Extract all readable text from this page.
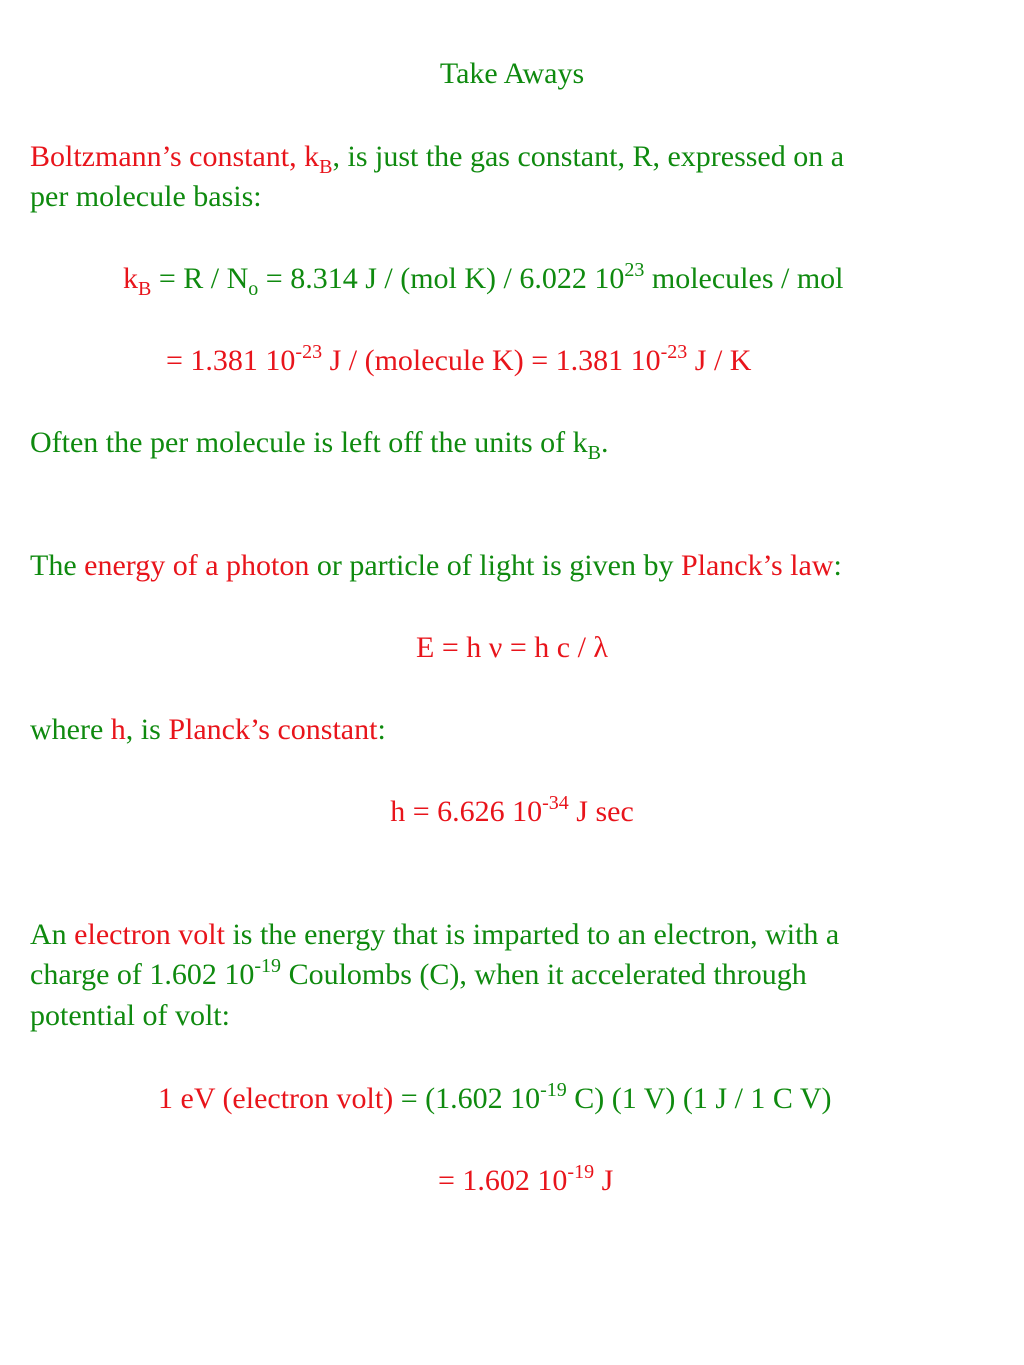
Take Aways
Boltzmann’s constant, $k_B$, is just the gas constant, R, expressed on a
per molecule basis:
$k_B = R / N_o = 8.314$ J / (mol K) / 6.022 $10^{23}$ molecules / mol
= 1.381 $10^{-23}$ J / (molecule K) = 1.381 $10^{-23}$ J / K
Often the per molecule is left off the units of $k_B$.
The energy of a photon or particle of light is given by Planck’s law:
E = h ν = h c / λ
where h, is Planck’s constant:
h = 6.626 $10^{-34}$ J sec
An electron volt is the energy that is imparted to an electron, with a
charge of 1.602 $10^{-19}$ Coulombs (C), when it accelerated through
potential of volt:
1 eV (electron volt) = (1.602 $10^{-19}$ C) (1 V) (1 J / 1 C V)
= 1.602 $10^{-19}$ J
